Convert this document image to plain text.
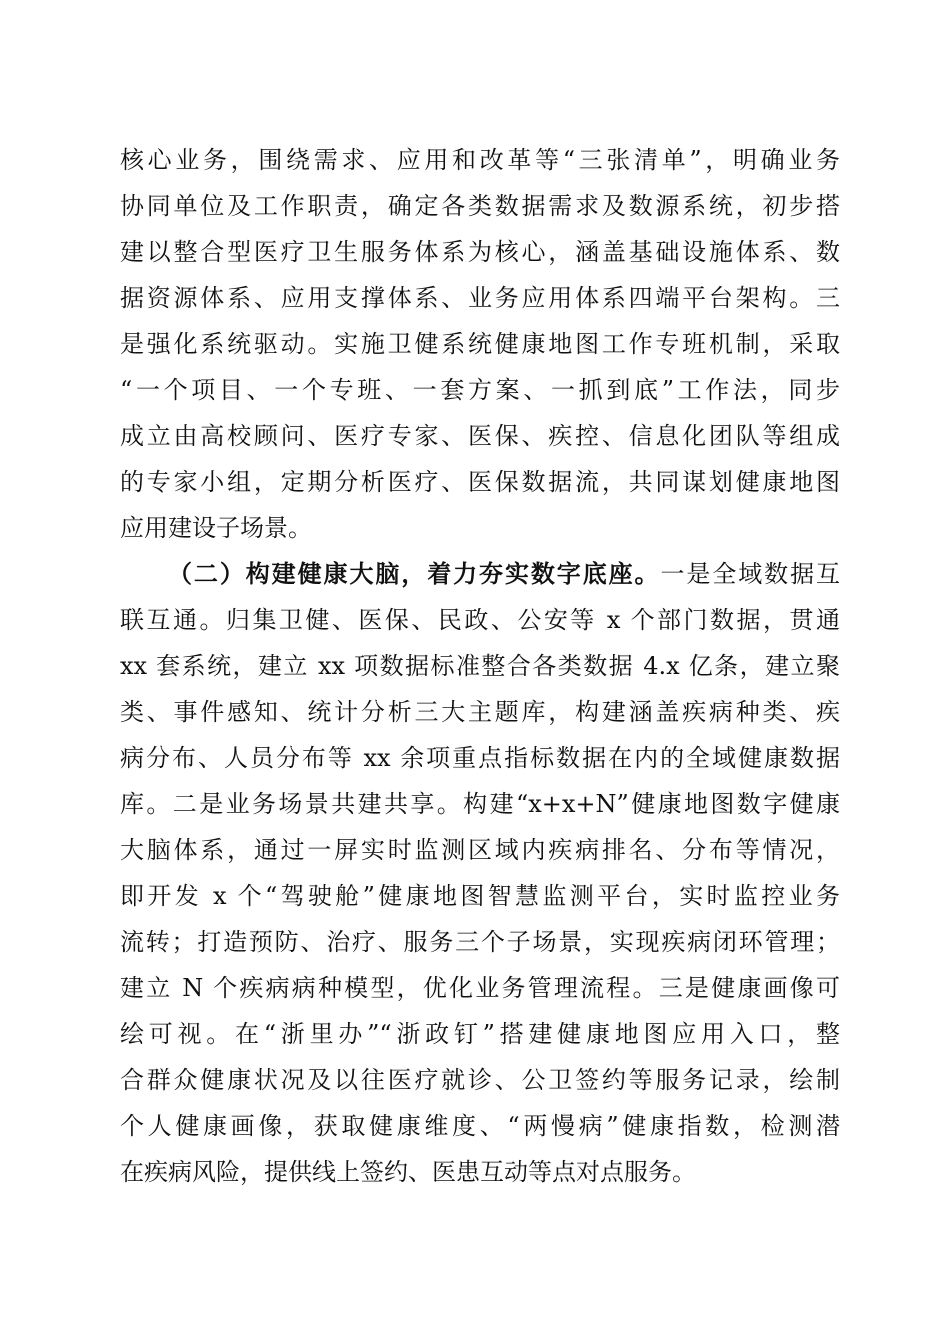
核心业务，围绕需求、应用和改革等“三张清单”，明确业务
协同单位及工作职责，确定各类数据需求及数源系统，初步搭
建以整合型医疗卫生服务体系为核心，涵盖基础设施体系、数
据资源体系、应用支撑体系、业务应用体系四端平台架构。三
是强化系统驱动。实施卫健系统健康地图工作专班机制，采取
“一个项目、一个专班、一套方案、一抓到底”工作法，同步
成立由高校顾问、医疗专家、医保、疾控、信息化团队等组成
的专家小组，定期分析医疗、医保数据流，共同谋划健康地图
应用建设子场景。
（二）构建健康大脑，着力夯实数字底座。一是全域数据互
联互通。归集卫健、医保、民政、公安等 x 个部门数据，贯通
xx 套系统，建立 xx 项数据标准整合各类数据 4.x 亿条，建立聚
类、事件感知、统计分析三大主题库，构建涵盖疾病种类、疾
病分布、人员分布等 xx 余项重点指标数据在内的全域健康数据
库。二是业务场景共建共享。构建“x+x+N”健康地图数字健康
大脑体系，通过一屏实时监测区域内疾病排名、分布等情况，
即开发 x 个“驾驶舱”健康地图智慧监测平台，实时监控业务
流转；打造预防、治疗、服务三个子场景，实现疾病闭环管理；
建立 N 个疾病病种模型，优化业务管理流程。三是健康画像可
绘可视。在“浙里办”“浙政钉”搭建健康地图应用入口，整
合群众健康状况及以往医疗就诊、公卫签约等服务记录，绘制
个人健康画像，获取健康维度、“两慢病”健康指数，检测潜
在疾病风险，提供线上签约、医患互动等点对点服务。
